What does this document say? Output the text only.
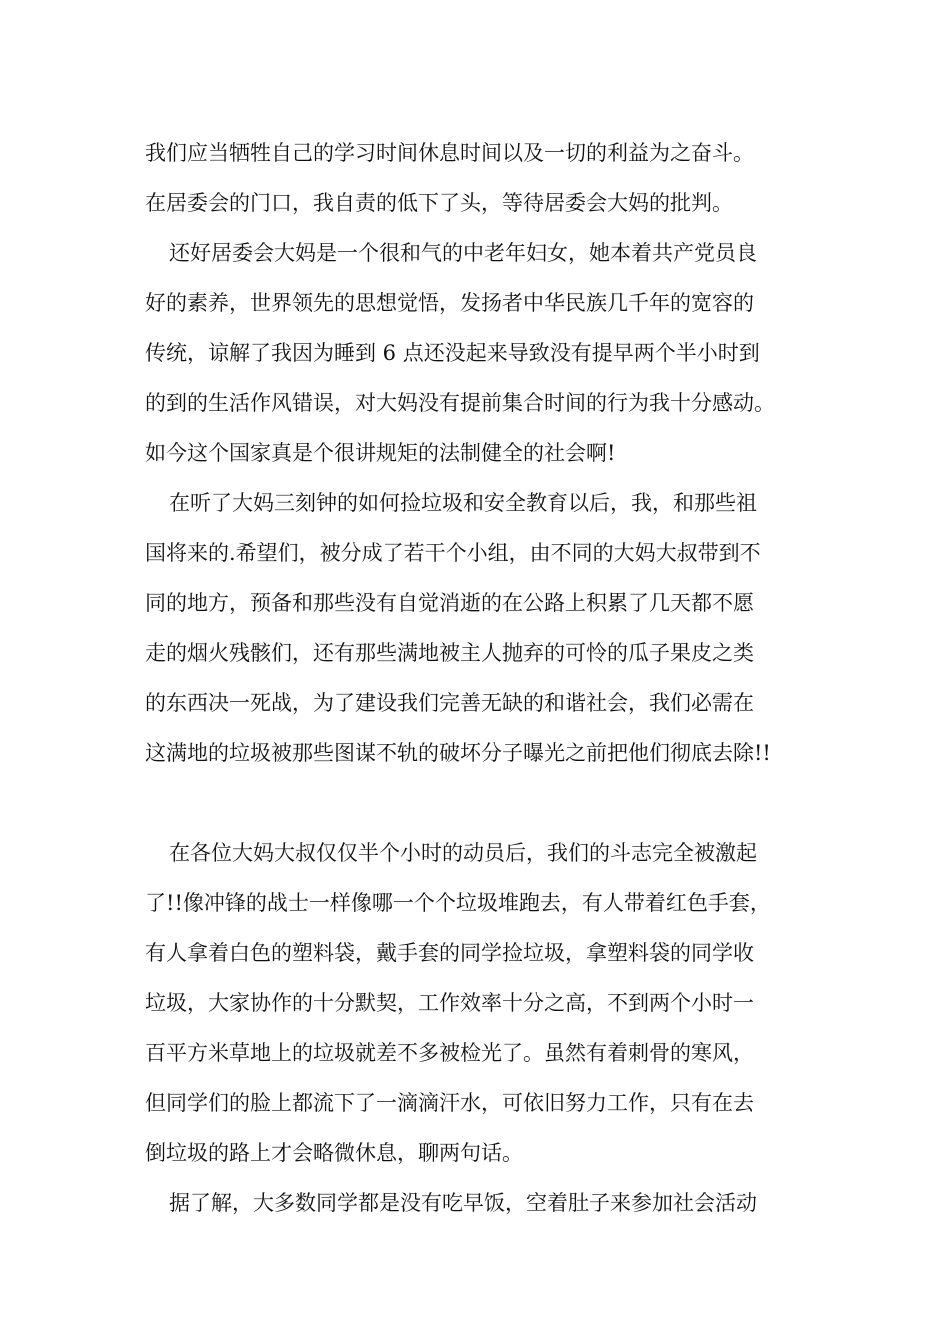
我们应当牺牲自己的学习时间休息时间以及一切的利益为之奋斗。
在居委会的门口，我自责的低下了头，等待居委会大妈的批判。
还好居委会大妈是一个很和气的中老年妇女，她本着共产党员良
好的素养，世界领先的思想觉悟，发扬者中华民族几千年的宽容的
传统，谅解了我因为睡到 6 点还没起来导致没有提早两个半小时到
的到的生活作风错误，对大妈没有提前集合时间的行为我十分感动。
如今这个国家真是个很讲规矩的法制健全的社会啊!
在听了大妈三刻钟的如何捡垃圾和安全教育以后，我，和那些祖
国将来的.希望们，被分成了若干个小组，由不同的大妈大叔带到不
同的地方，预备和那些没有自觉消逝的在公路上积累了几天都不愿
走的烟火残骸们，还有那些满地被主人抛弃的可怜的瓜子果皮之类
的东西决一死战，为了建设我们完善无缺的和谐社会，我们必需在
这满地的垃圾被那些图谋不轨的破坏分子曝光之前把他们彻底去除!!
在各位大妈大叔仅仅半个小时的动员后，我们的斗志完全被激起
了!!像冲锋的战士一样像哪一个个垃圾堆跑去，有人带着红色手套，
有人拿着白色的塑料袋，戴手套的同学捡垃圾，拿塑料袋的同学收
垃圾，大家协作的十分默契，工作效率十分之高，不到两个小时一
百平方米草地上的垃圾就差不多被检光了。虽然有着刺骨的寒风，
但同学们的脸上都流下了一滴滴汗水，可依旧努力工作，只有在去
倒垃圾的路上才会略微休息，聊两句话。
据了解，大多数同学都是没有吃早饭，空着肚子来参加社会活动
